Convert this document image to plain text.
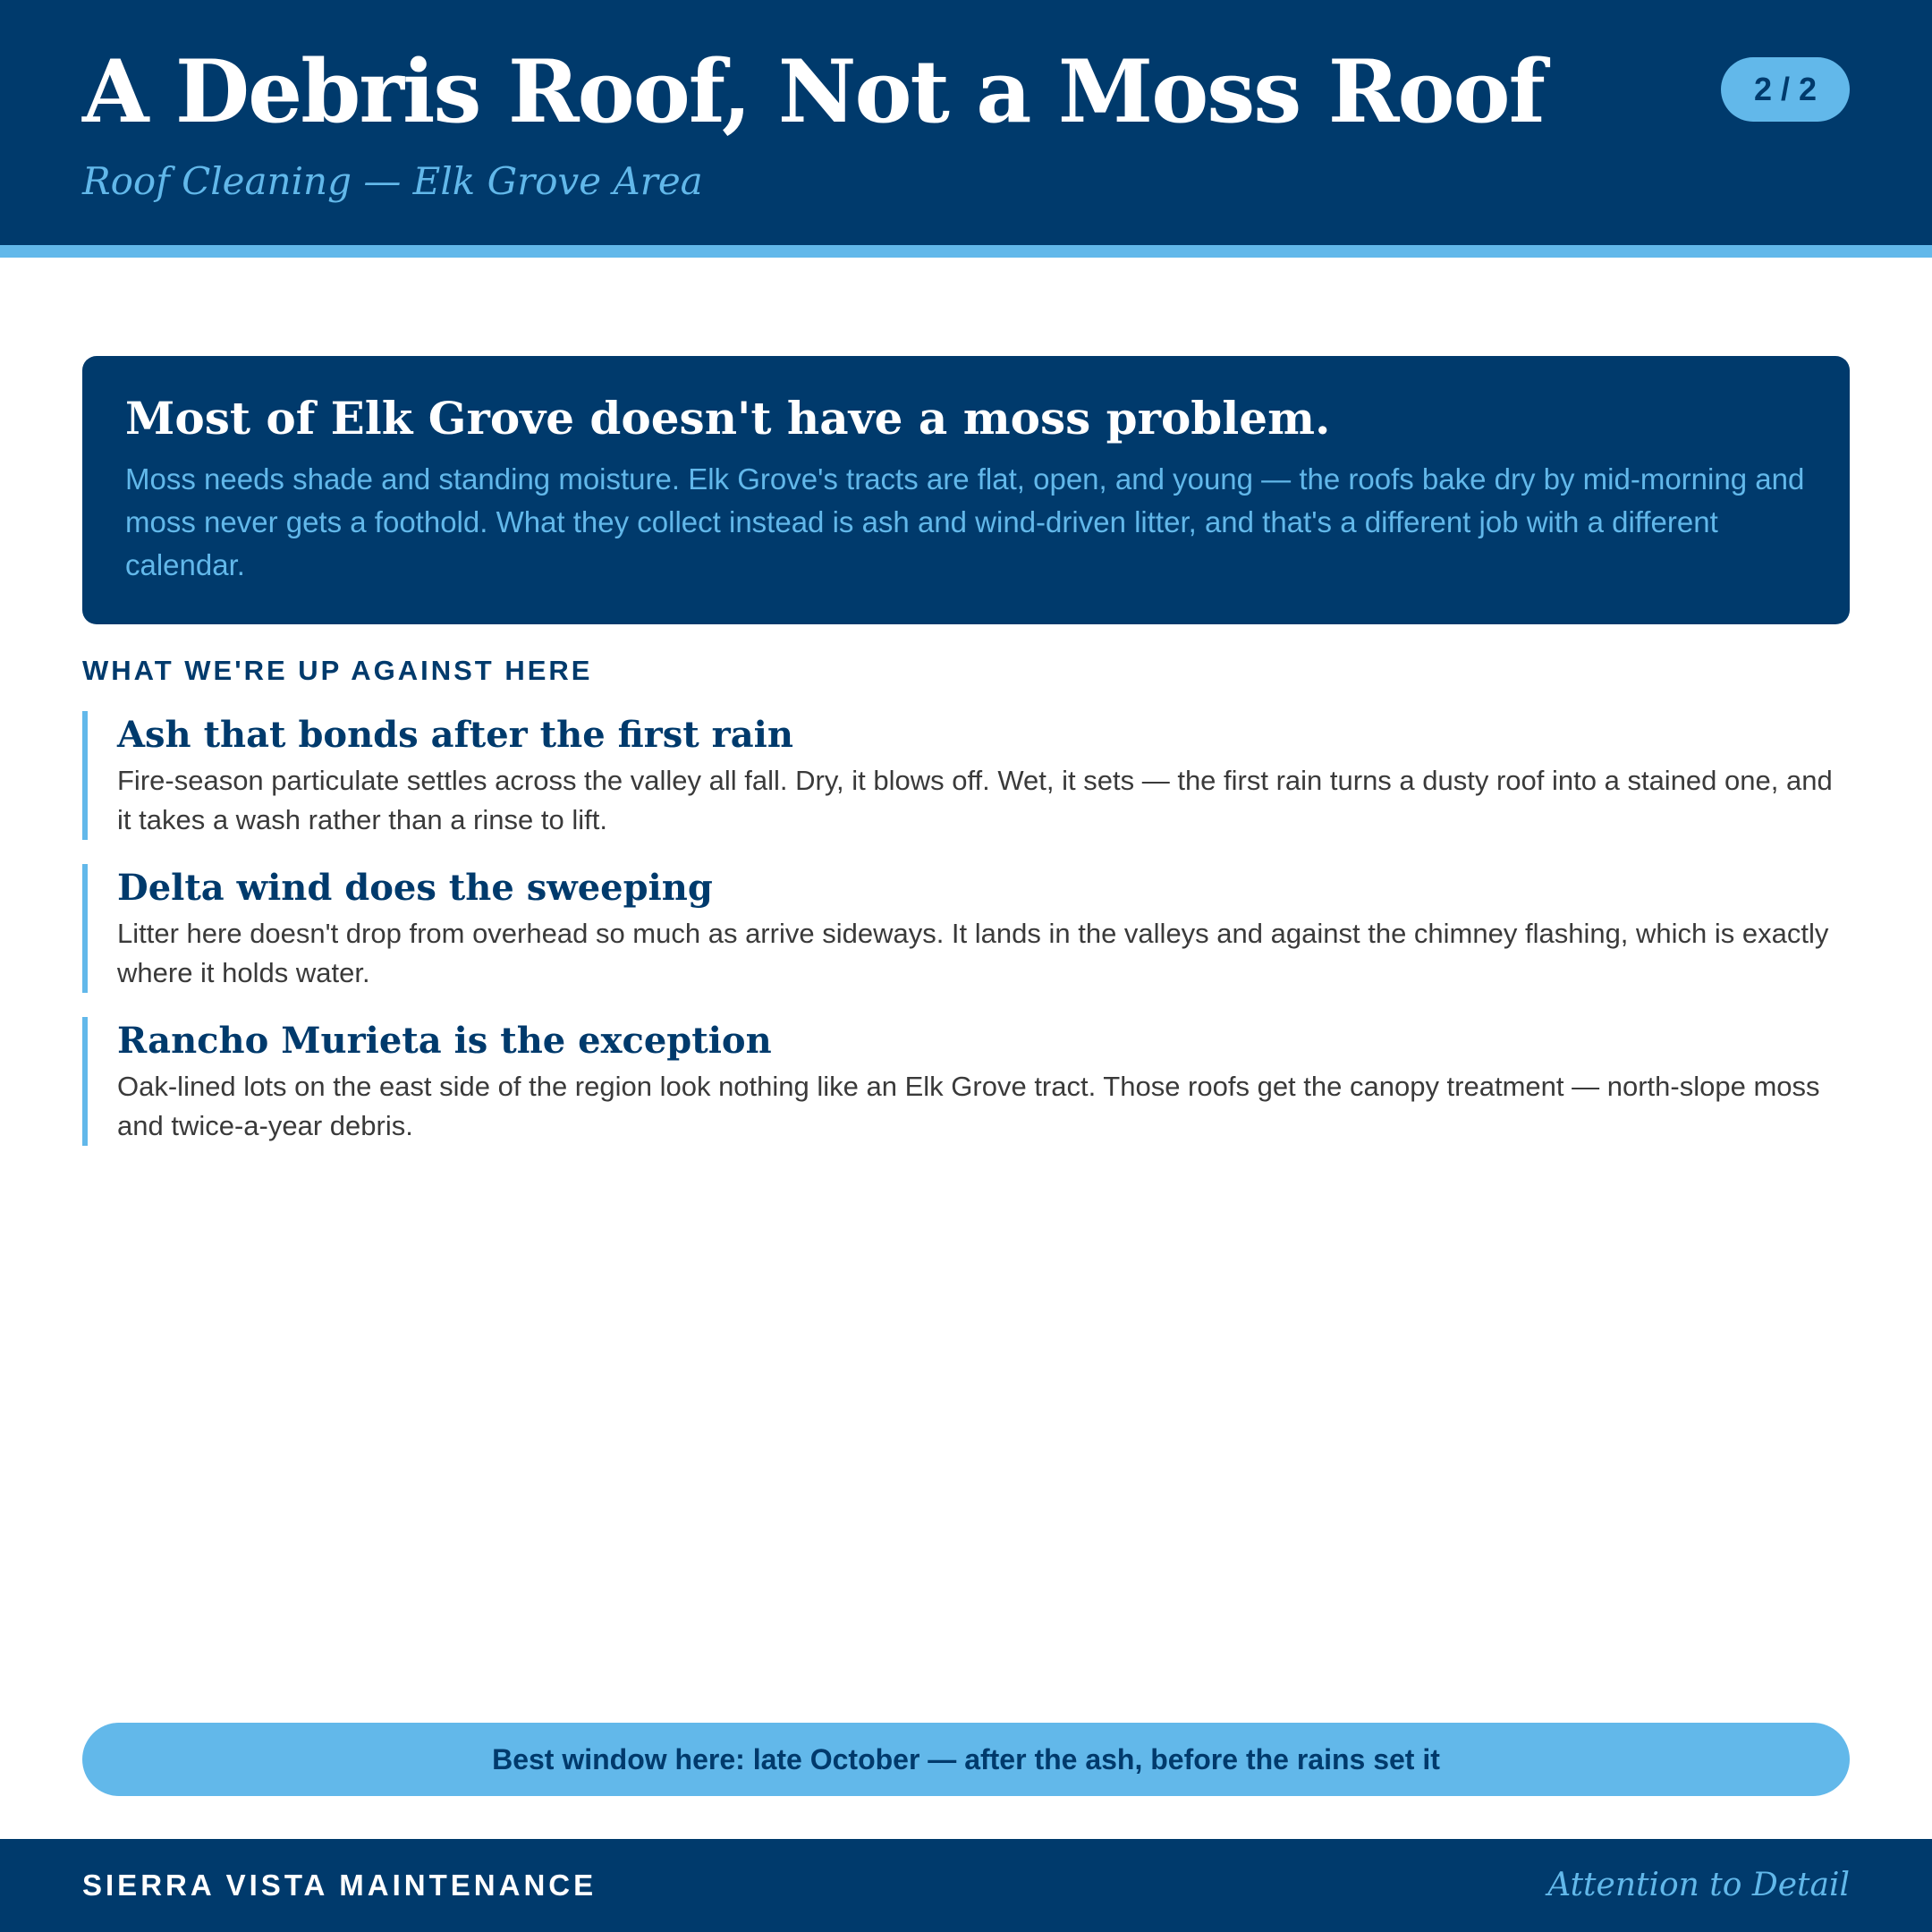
A Debris Roof, Not a Moss Roof
Roof Cleaning — Elk Grove Area
2 / 2
Most of Elk Grove doesn't have a moss problem.

Moss needs shade and standing moisture. Elk Grove's tracts are flat, open, and young — the roofs bake dry by mid-morning and moss never gets a foothold. What they collect instead is ash and wind-driven litter, and that's a different job with a different calendar.

WHAT WE'RE UP AGAINST HERE
Ash that bonds after the first rain

Fire-season particulate settles across the valley all fall. Dry, it blows off. Wet, it sets — the first rain turns a dusty roof into a stained one, and it takes a wash rather than a rinse to lift.

Delta wind does the sweeping

Litter here doesn't drop from overhead so much as arrive sideways. It lands in the valleys and against the chimney flashing, which is exactly where it holds water.

Rancho Murieta is the exception

Oak-lined lots on the east side of the region look nothing like an Elk Grove tract. Those roofs get the canopy treatment — north-slope moss and twice-a-year debris.

Best window here: late October — after the ash, before the rains set it
SIERRA VISTA MAINTENANCE	Attention to Detail
